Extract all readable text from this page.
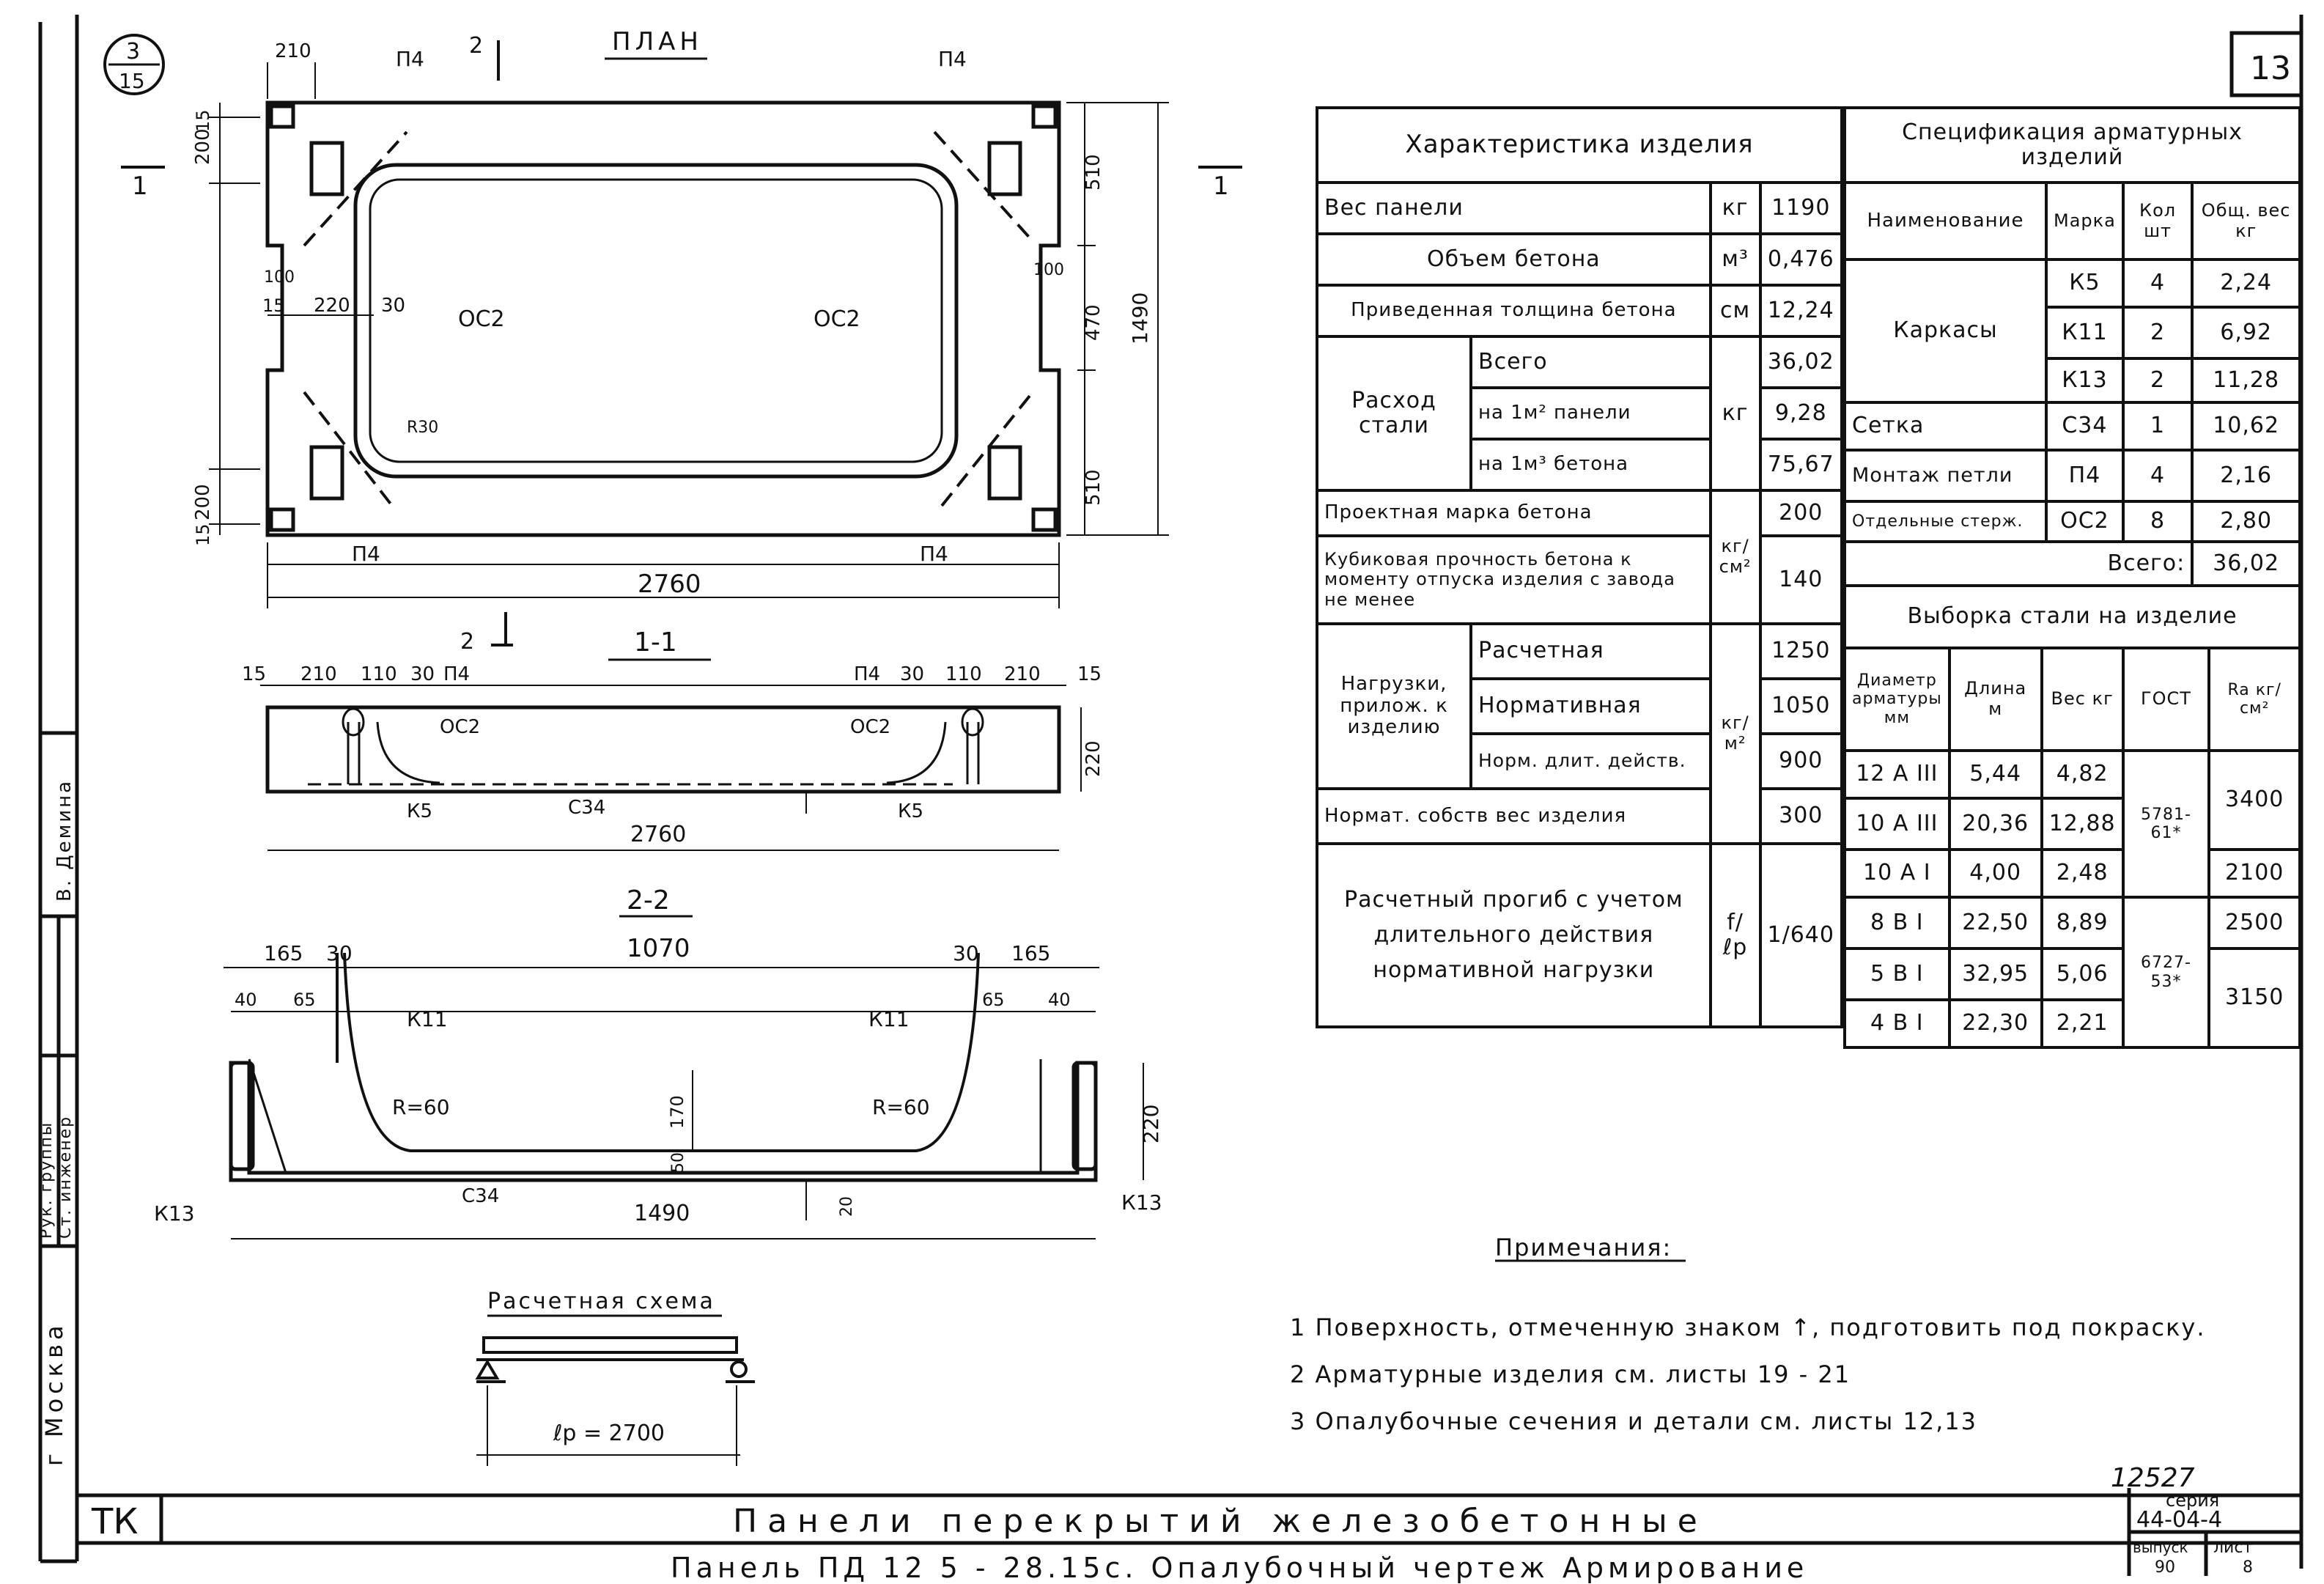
г Москва
В. Демина
Ст. инженер
Рук. группы
13
3
15
ПЛАН
210	П4
2
П4
15
200
100
15 220 30
ОС2	ОС2
R30
100
510
470 1490
510
200
15
П4	П4
2760
2
1	1
1-1
15 210 110 30 П4	П4 30 110 210 15
ОС2	ОС2
220
К5	С34	К5
2760
2-2
165 30	1070	30 165
40 65
К11	К11
65 40
R=60	R=60
170
50
220
К13
С34
1490	20	К13
Расчетная схема
ℓp = 2700
ТК	Панели перекрытий железобетонные
Панель ПД 12 5 - 28.15с. Опалубочный чертеж Армирование
12527
серия
44-04-4
выпуск
90
лист
8
Характеристика изделия			
Вес панели		кг	1190
Объем бетона		м³	0,476
Приведенная толщина бетона		см	12,24
Расход стали	Всего	кг	36,02
	на 1м² панели		9,28
	на 1м³ бетона		75,67
Проектная марка бетона		кг/см²	200
Кубиковая прочность бетона к моменту отпуска изделия с завода не менее			140
Нагрузки, прилож. к изделию	Расчетная	кг/м²	1250
	Нормативная		1050
	Норм. длит. действ.		900
Нормат. собств вес изделия			300
Расчетный прогиб с учетом длительного действия нормативной нагрузки		f/ℓp	1/640
Спецификация арматурных изделий			
Наименование	Марка	Кол шт	Общ. вес кг
Каркасы	К5	4	2,24
	К11	2	6,92
	К13	2	11,28
Сетка	С34	1	10,62
Монтаж петли	П4	4	2,16
Отдельные стерж.	ОС2	8	2,80
Всего:			36,02
Выборка стали на изделие				
Диаметр арматуры мм	Длина м	Вес кг	ГОСТ	Ra кг/см²
12 A III	5,44	4,82	5781-61*	3400
10 A III	20,36	12,88		
10 A I	4,00	2,48		2100
8 B I	22,50	8,89	6727-53*	2500
5 B I	32,95	5,06		3150
4 B I	22,30	2,21		
Примечания:
1 Поверхность, отмеченную знаком ↑, подготовить под покраску.
2 Арматурные изделия см. листы 19 - 21
3 Опалубочные сечения и детали см. листы 12,13
